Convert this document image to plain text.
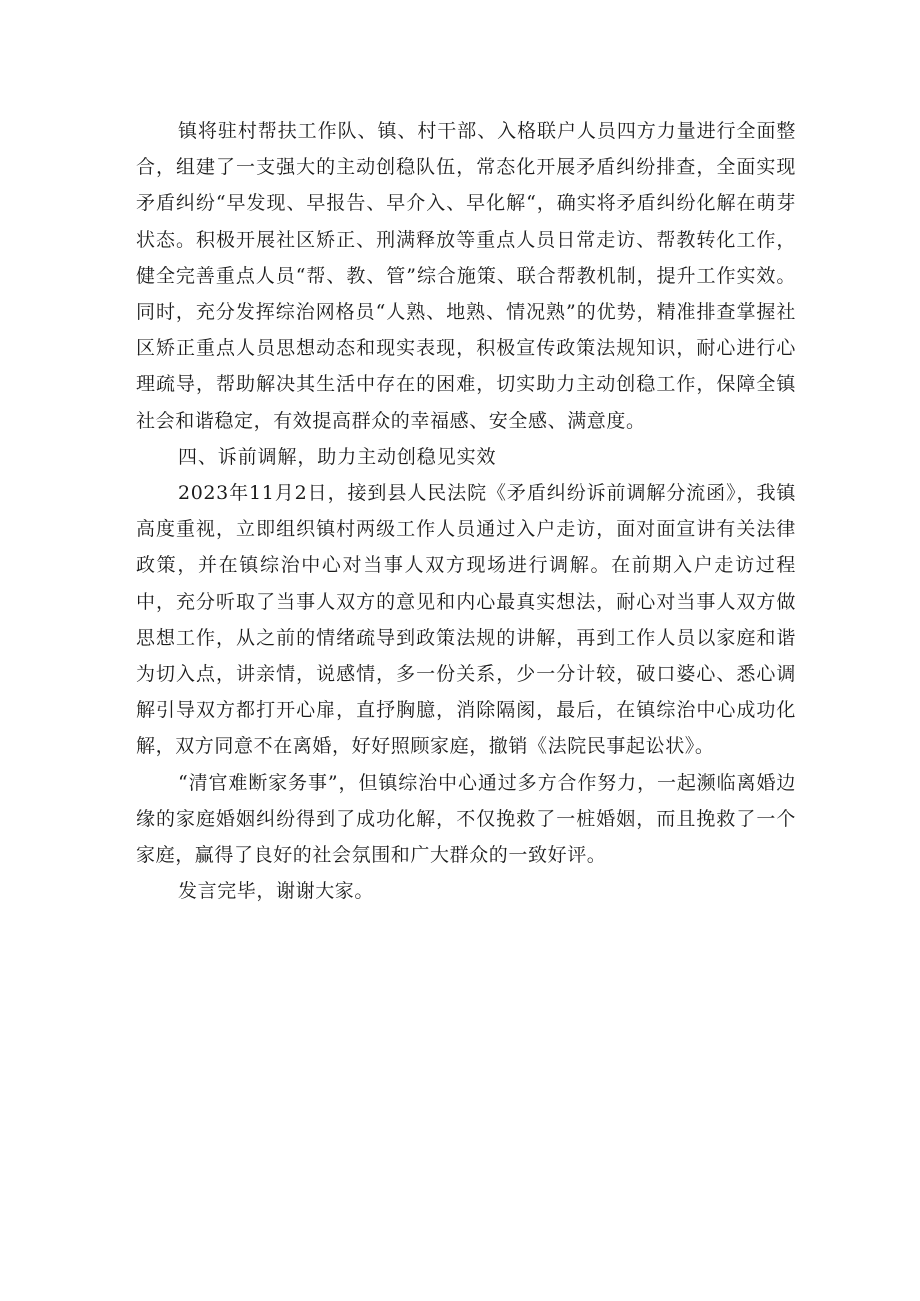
镇将驻村帮扶工作队、镇、村干部、入格联户人员四方力量进行全面整合，组建了一支强大的主动创稳队伍，常态化开展矛盾纠纷排查，全面实现矛盾纠纷“早发现、早报告、早介入、早化解“，确实将矛盾纠纷化解在萌芽状态。积极开展社区矫正、刑满释放等重点人员日常走访、帮教转化工作，健全完善重点人员“帮、教、管”综合施策、联合帮教机制，提升工作实效。同时，充分发挥综治网格员“人熟、地熟、情况熟”的优势，精准排查掌握社区矫正重点人员思想动态和现实表现，积极宣传政策法规知识，耐心进行心理疏导，帮助解决其生活中存在的困难，切实助力主动创稳工作，保障全镇社会和谐稳定，有效提高群众的幸福感、安全感、满意度。

四、诉前调解，助力主动创稳见实效

2023年11月2日，接到县人民法院《矛盾纠纷诉前调解分流函》，我镇高度重视，立即组织镇村两级工作人员通过入户走访，面对面宣讲有关法律政策，并在镇综治中心对当事人双方现场进行调解。在前期入户走访过程中，充分听取了当事人双方的意见和内心最真实想法，耐心对当事人双方做思想工作，从之前的情绪疏导到政策法规的讲解，再到工作人员以家庭和谐为切入点，讲亲情，说感情，多一份关系，少一分计较，破口婆心、悉心调解引导双方都打开心扉，直抒胸臆，消除隔阂，最后，在镇综治中心成功化解，双方同意不在离婚，好好照顾家庭，撤销《法院民事起讼状》。

“清官难断家务事”，但镇综治中心通过多方合作努力，一起濒临离婚边缘的家庭婚姻纠纷得到了成功化解，不仅挽救了一桩婚姻，而且挽救了一个家庭，赢得了良好的社会氛围和广大群众的一致好评。

发言完毕，谢谢大家。
